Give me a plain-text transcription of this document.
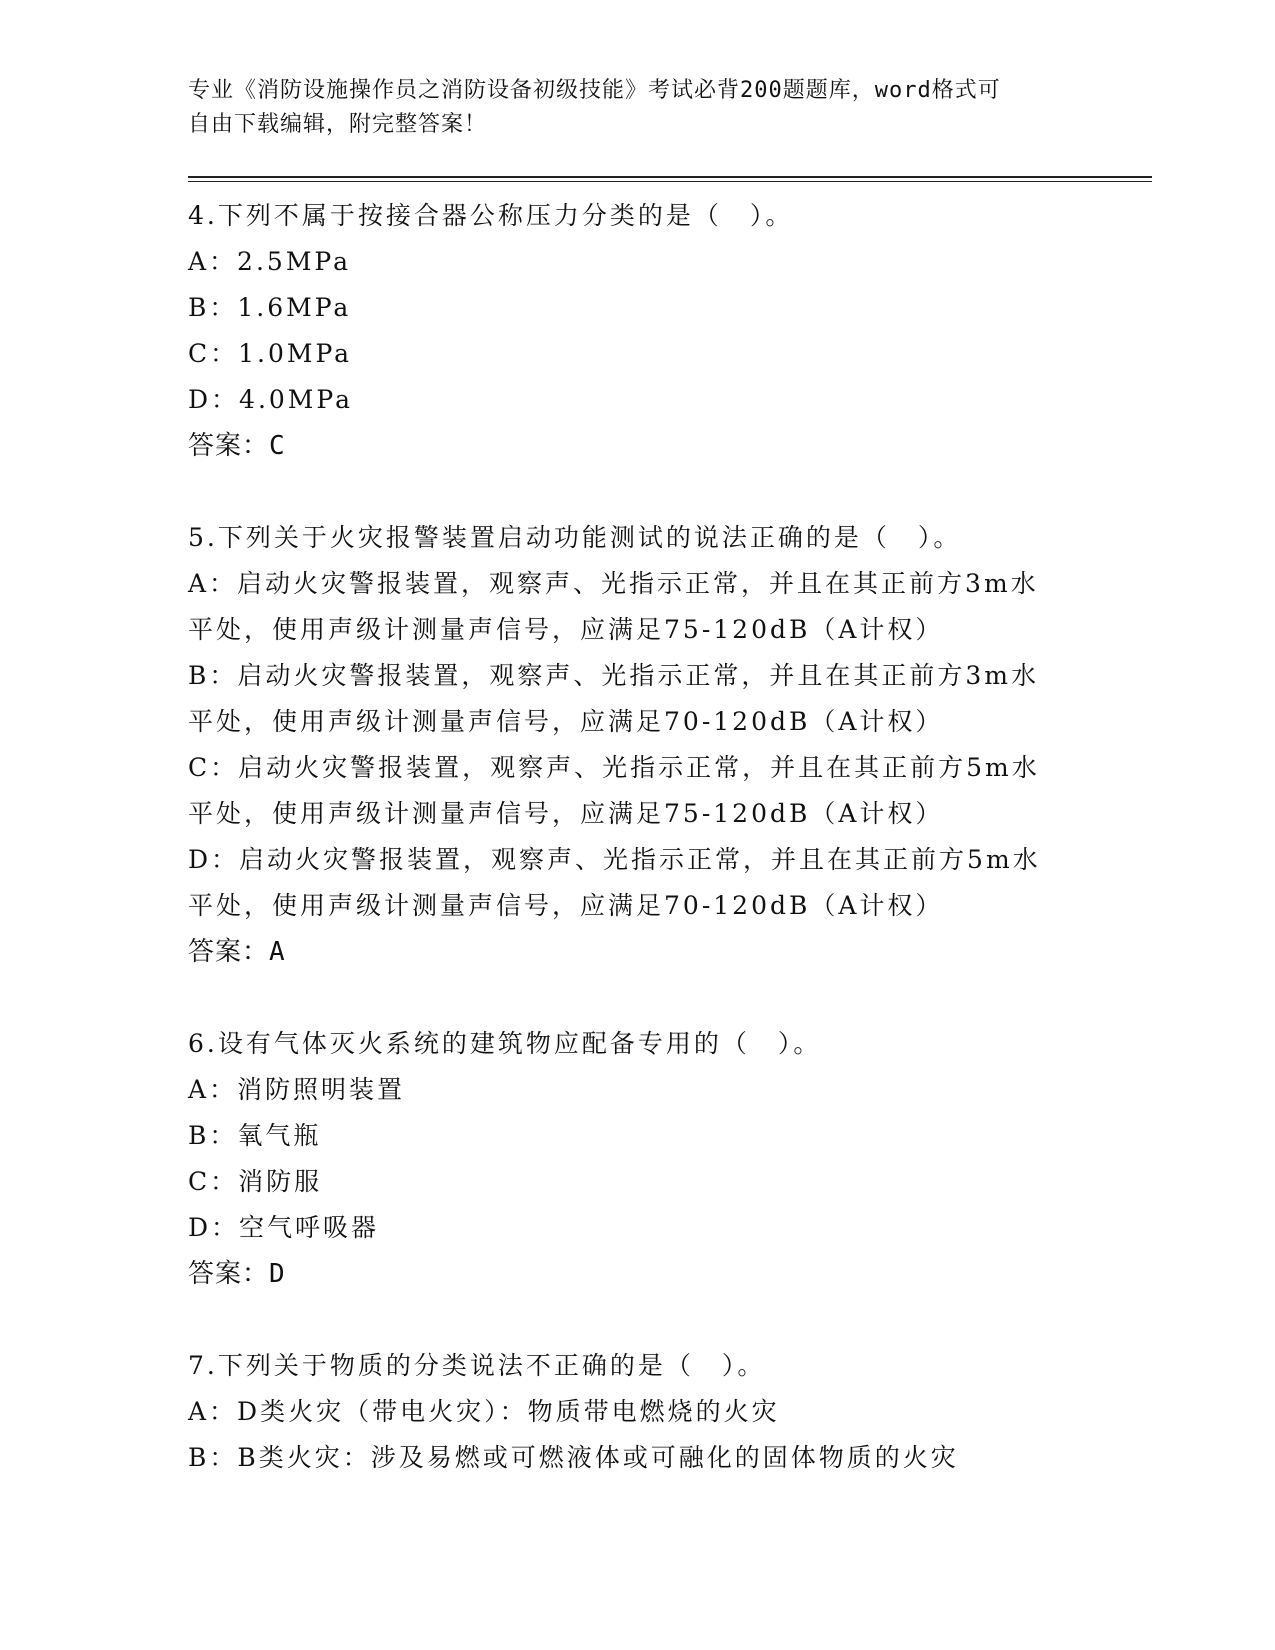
专业《消防设施操作员之消防设备初级技能》考试必背200题题库，word格式可
自由下载编辑，附完整答案！
4.下列不属于按接合器公称压力分类的是（　）。
A：2.5MPa
B：1.6MPa
C：1.0MPa
D：4.0MPa
答案：C
5.下列关于火灾报警装置启动功能测试的说法正确的是（　）。
A：启动火灾警报装置，观察声、光指示正常，并且在其正前方3m水
平处，使用声级计测量声信号，应满足75-120dB（A计权）
B：启动火灾警报装置，观察声、光指示正常，并且在其正前方3m水
平处，使用声级计测量声信号，应满足70-120dB（A计权）
C：启动火灾警报装置，观察声、光指示正常，并且在其正前方5m水
平处，使用声级计测量声信号，应满足75-120dB（A计权）
D：启动火灾警报装置，观察声、光指示正常，并且在其正前方5m水
平处，使用声级计测量声信号，应满足70-120dB（A计权）
答案：A
6.设有气体灭火系统的建筑物应配备专用的（　）。
A：消防照明装置
B：氧气瓶
C：消防服
D：空气呼吸器
答案：D
7.下列关于物质的分类说法不正确的是（　）。
A：D类火灾（带电火灾）：物质带电燃烧的火灾
B：B类火灾：涉及易燃或可燃液体或可融化的固体物质的火灾
